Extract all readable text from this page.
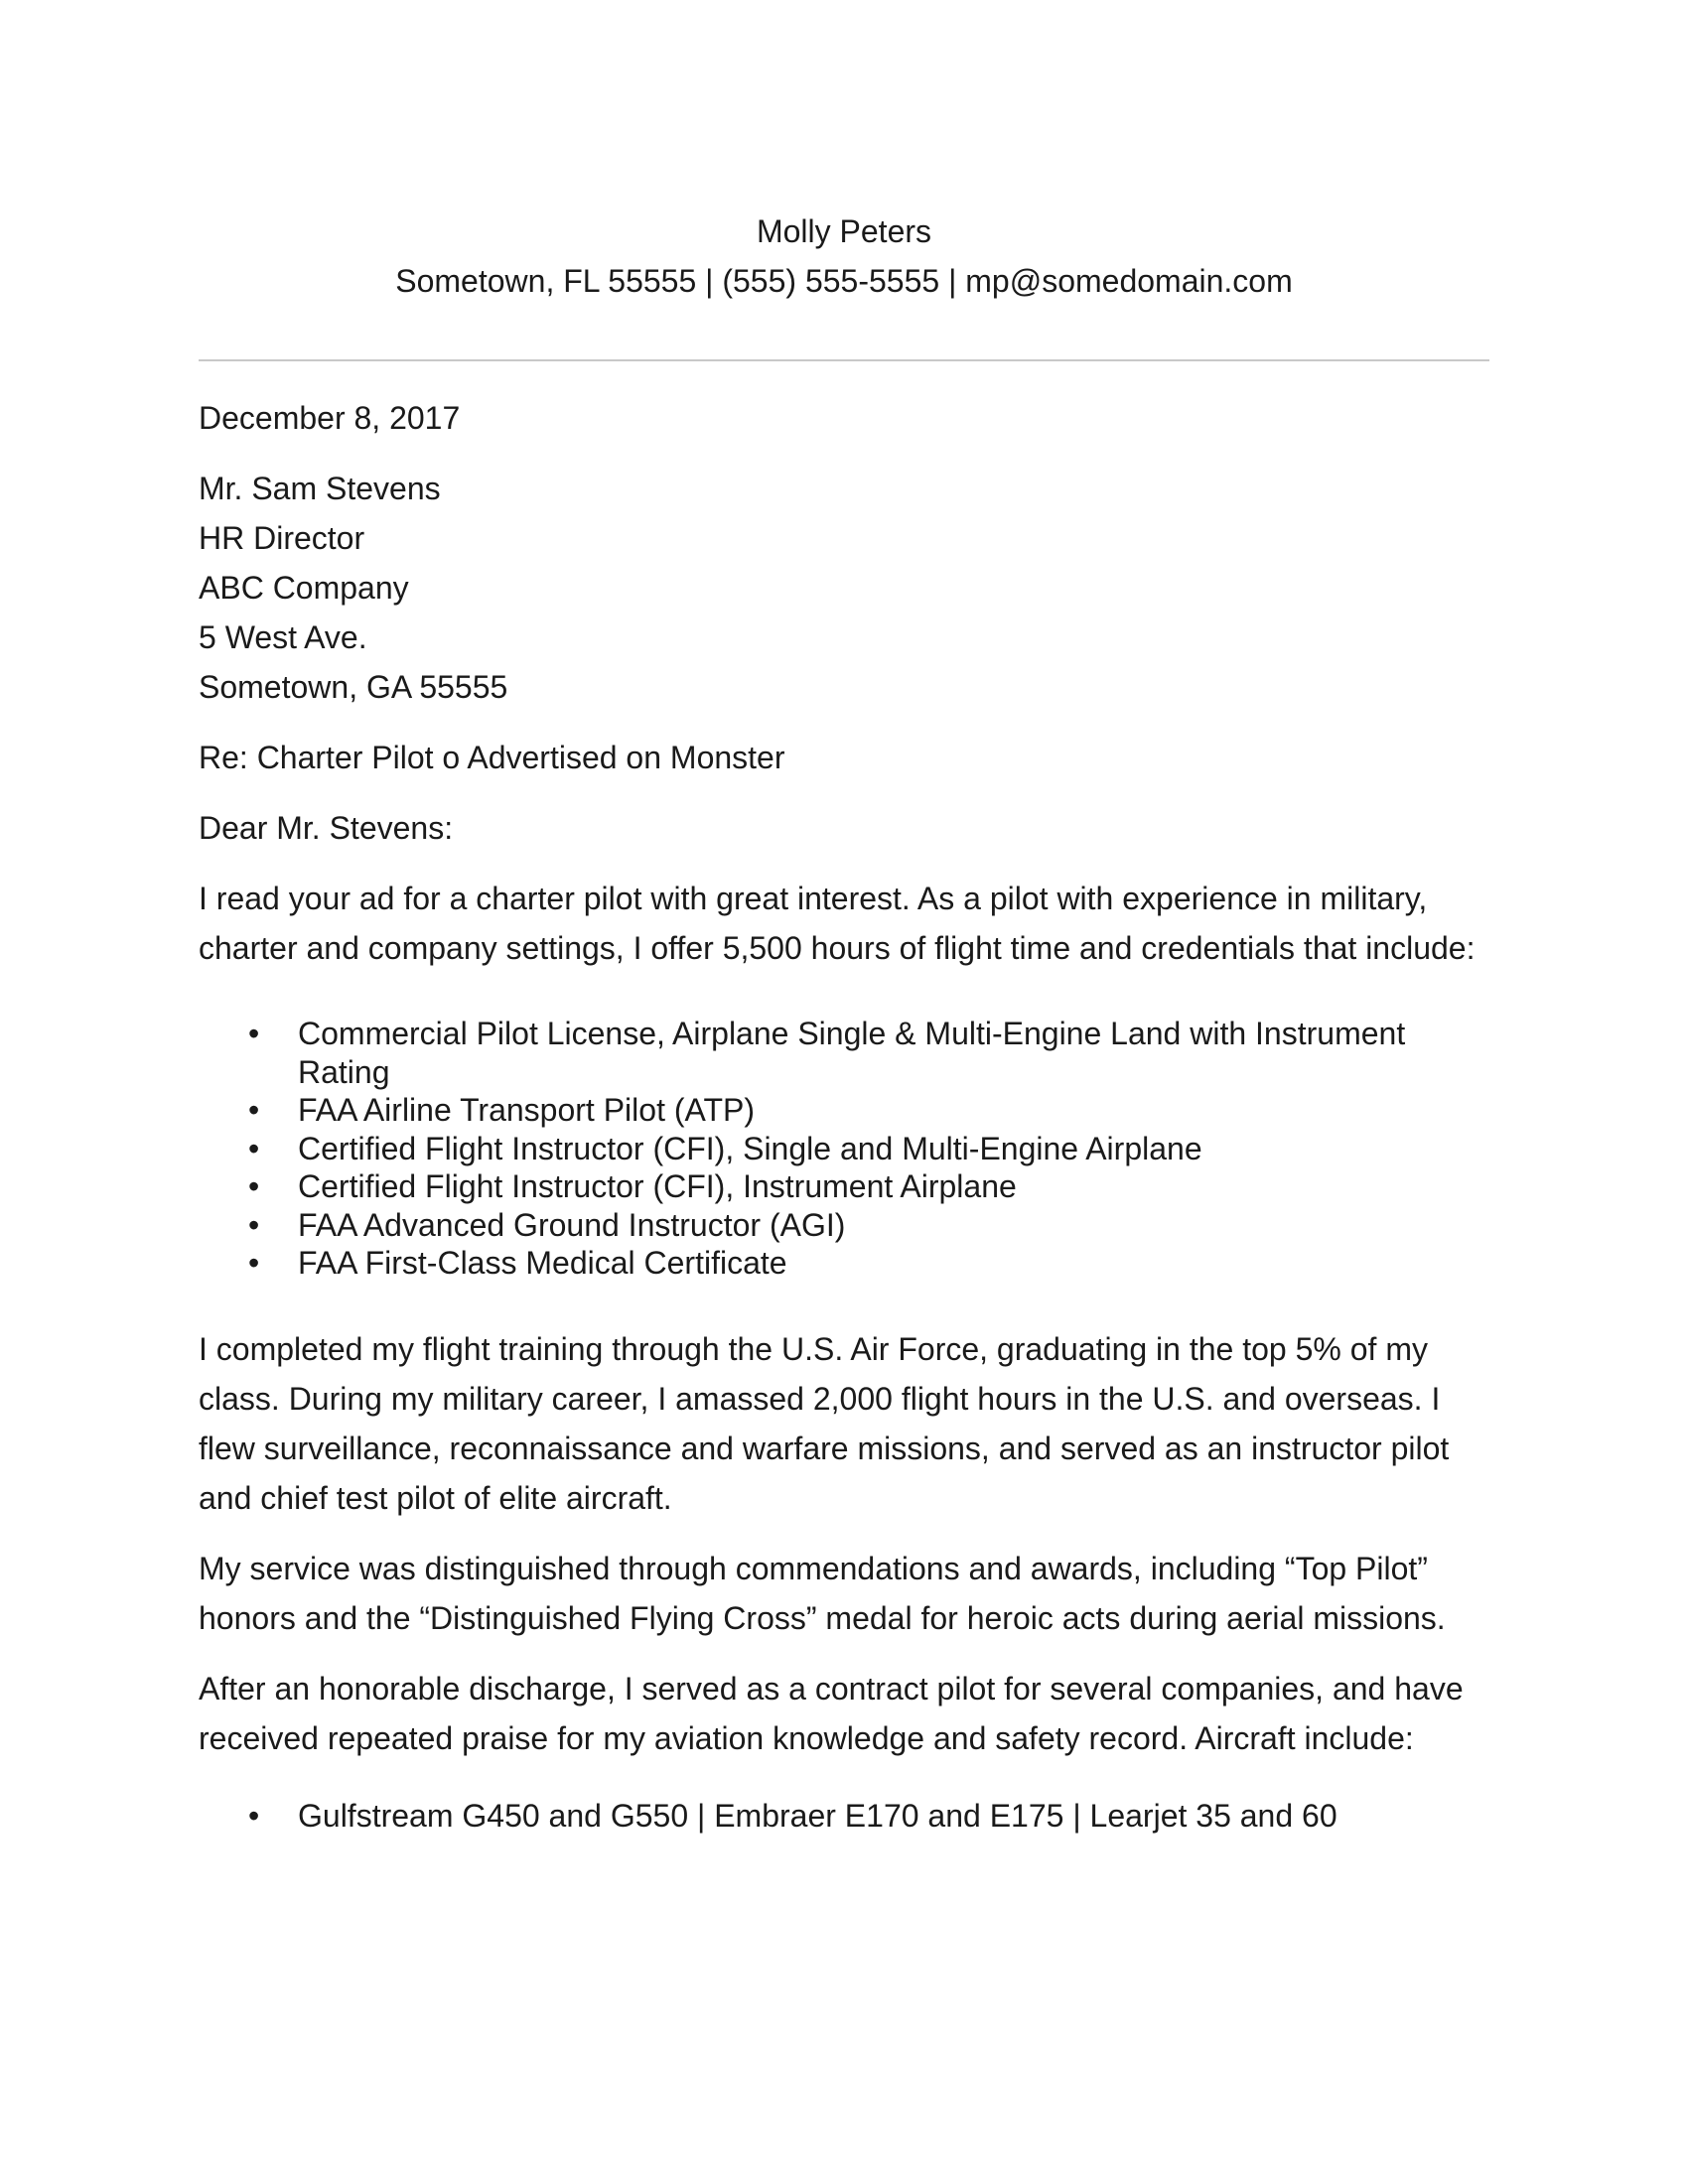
Molly Peters
Sometown, FL 55555 | (555) 555-5555 | mp@somedomain.com

December 8, 2017

Mr. Sam Stevens
HR Director
ABC Company
5 West Ave.
Sometown, GA 55555

Re: Charter Pilot o Advertised on Monster

Dear Mr. Stevens:

I read your ad for a charter pilot with great interest. As a pilot with experience in military, charter and company settings, I offer 5,500 hours of flight time and credentials that include:

• Commercial Pilot License, Airplane Single & Multi-Engine Land with Instrument Rating
• FAA Airline Transport Pilot (ATP)
• Certified Flight Instructor (CFI), Single and Multi-Engine Airplane
• Certified Flight Instructor (CFI), Instrument Airplane
• FAA Advanced Ground Instructor (AGI)
• FAA First-Class Medical Certificate

I completed my flight training through the U.S. Air Force, graduating in the top 5% of my class. During my military career, I amassed 2,000 flight hours in the U.S. and overseas. I flew surveillance, reconnaissance and warfare missions, and served as an instructor pilot and chief test pilot of elite aircraft.

My service was distinguished through commendations and awards, including “Top Pilot” honors and the “Distinguished Flying Cross” medal for heroic acts during aerial missions.

After an honorable discharge, I served as a contract pilot for several companies, and have received repeated praise for my aviation knowledge and safety record. Aircraft include:

• Gulfstream G450 and G550 | Embraer E170 and E175 | Learjet 35 and 60
